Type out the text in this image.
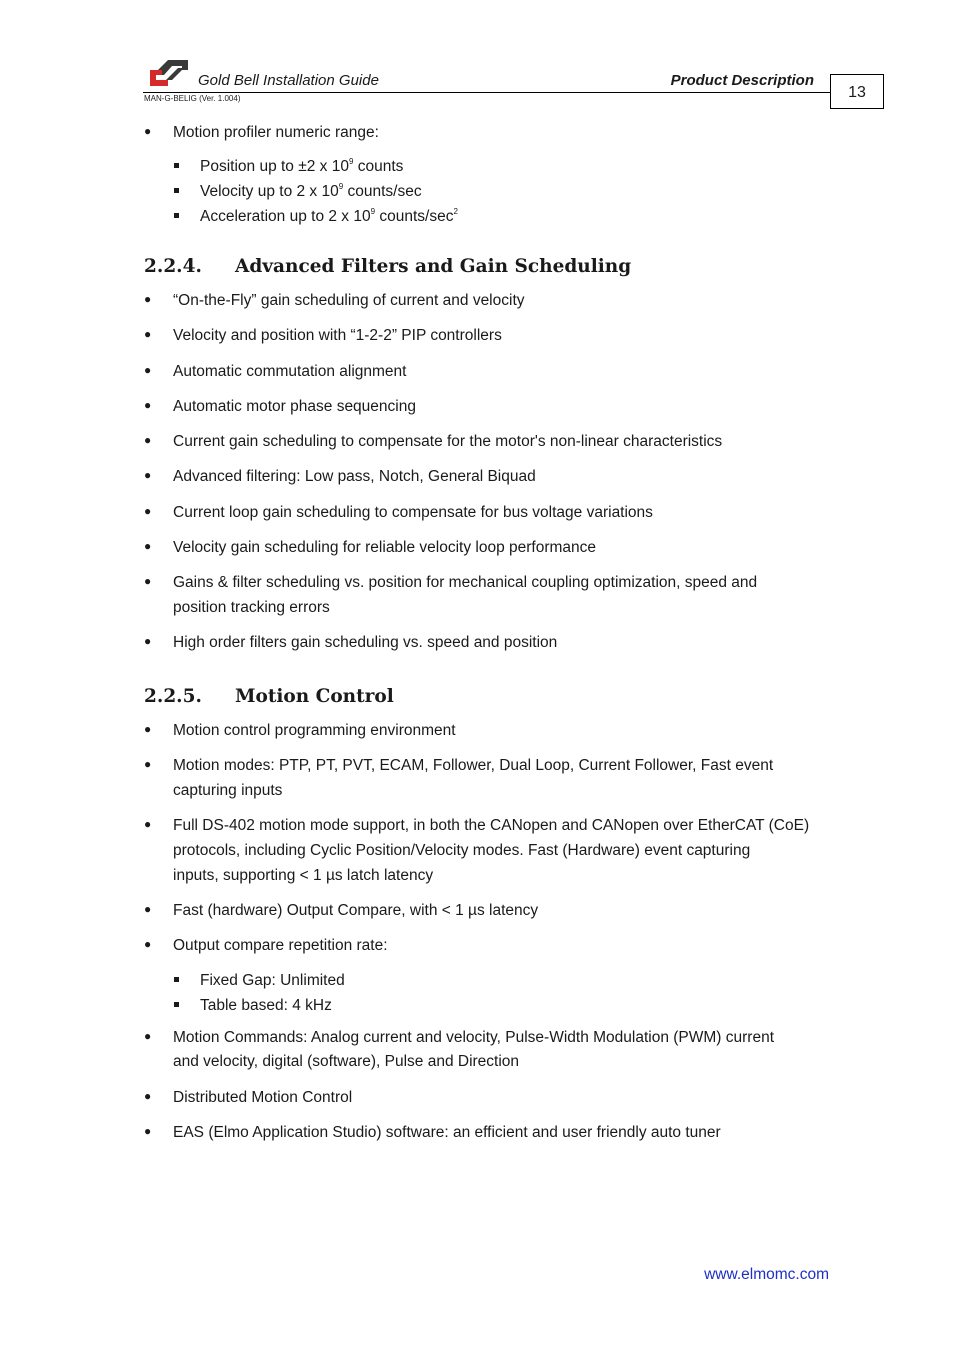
Gold Bell Installation Guide	Product Description
MAN-G-BELIG (Ver. 1.004)	13
● Motion profiler numeric range:
Position up to ±2 x $10^9$ counts
Velocity up to 2 x $10^9$ counts/sec
Acceleration up to 2 x $10^9$ counts/$\sec^2$
2.2.4. Advanced Filters and Gain Scheduling
● “On-the-Fly” gain scheduling of current and velocity
● Velocity and position with “1-2-2” PIP controllers
● Automatic commutation alignment
● Automatic motor phase sequencing
● Current gain scheduling to compensate for the motor's non-linear characteristics
● Advanced filtering: Low pass, Notch, General Biquad
● Current loop gain scheduling to compensate for bus voltage variations
● Velocity gain scheduling for reliable velocity loop performance
● Gains & filter scheduling vs. position for mechanical coupling optimization, speed and
position tracking errors
● High order filters gain scheduling vs. speed and position
2.2.5. Motion Control
● Motion control programming environment
● Motion modes: PTP, PT, PVT, ECAM, Follower, Dual Loop, Current Follower, Fast event
capturing inputs
● Full DS-402 motion mode support, in both the CANopen and CANopen over EtherCAT (CoE)
protocols, including Cyclic Position/Velocity modes. Fast (Hardware) event capturing
inputs, supporting < 1 µs latch latency
● Fast (hardware) Output Compare, with < 1 µs latency
● Output compare repetition rate:
Fixed Gap: Unlimited
Table based: 4 kHz
● Motion Commands: Analog current and velocity, Pulse-Width Modulation (PWM) current
and velocity, digital (software), Pulse and Direction
● Distributed Motion Control
● EAS (Elmo Application Studio) software: an efficient and user friendly auto tuner
www.elmomc.com
